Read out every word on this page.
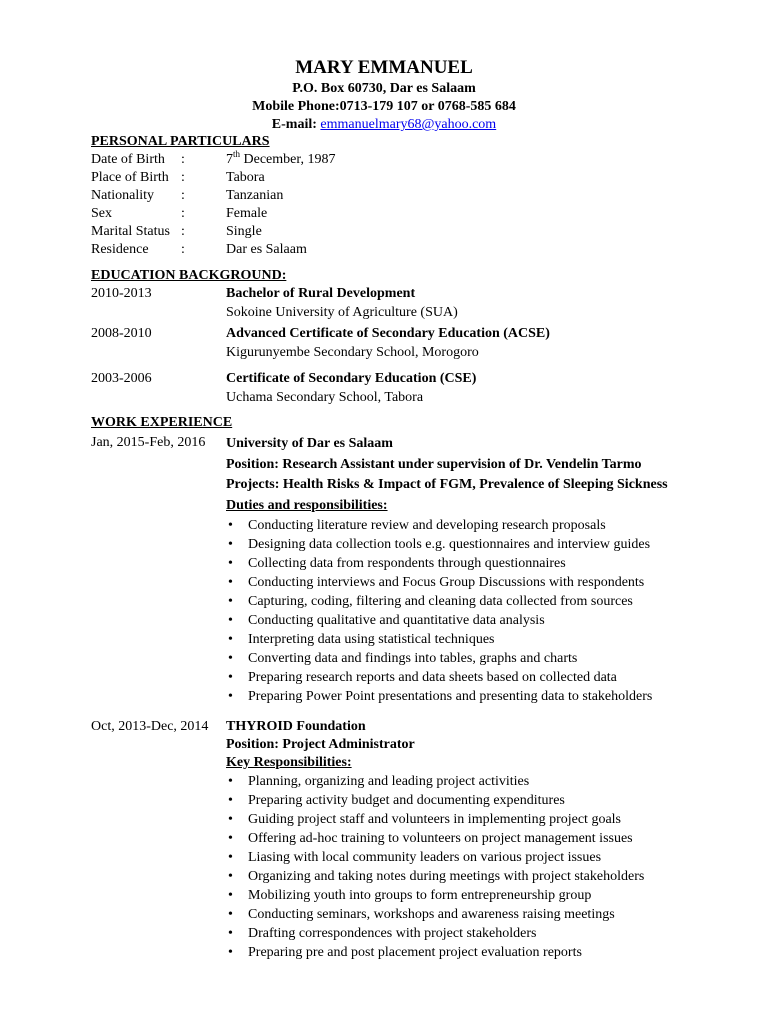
MARY EMMANUEL
P.O. Box 60730, Dar es Salaam
Mobile Phone:0713-179 107 or 0768-585 684
E-mail: emmanuelmary68@yahoo.com
PERSONAL PARTICULARS
Date of Birth :	7th December, 1987
Place of Birth :	Tabora
Nationality :	Tanzanian
Sex	:	Female
Marital Status :	Single
Residence :	Dar es Salaam
EDUCATION BACKGROUND:
2010-2013	Bachelor of Rural Development
Sokoine University of Agriculture (SUA)
2008-2010	Advanced Certificate of Secondary Education (ACSE)
Kigurunyembe Secondary School, Morogoro
2003-2006	Certificate of Secondary Education (CSE)
Uchama Secondary School, Tabora
WORK EXPERIENCE
Jan, 2015-Feb, 2016 University of Dar es Salaam
Position: Research Assistant under supervision of Dr. Vendelin Tarmo
Projects: Health Risks & Impact of FGM, Prevalence of Sleeping Sickness
Duties and responsibilities:
• Conducting literature review and developing research proposals
• Designing data collection tools e.g. questionnaires and interview guides
• Collecting data from respondents through questionnaires
• Conducting interviews and Focus Group Discussions with respondents
• Capturing, coding, filtering and cleaning data collected from sources
• Conducting qualitative and quantitative data analysis
• Interpreting data using statistical techniques
• Converting data and findings into tables, graphs and charts
• Preparing research reports and data sheets based on collected data
• Preparing Power Point presentations and presenting data to stakeholders
Oct, 2013-Dec, 2014 THYROID Foundation
Position: Project Administrator
Key Responsibilities:
• Planning, organizing and leading project activities
• Preparing activity budget and documenting expenditures
• Guiding project staff and volunteers in implementing project goals
• Offering ad-hoc training to volunteers on project management issues
• Liasing with local community leaders on various project issues
• Organizing and taking notes during meetings with project stakeholders
• Mobilizing youth into groups to form entrepreneurship group
• Conducting seminars, workshops and awareness raising meetings
• Drafting correspondences with project stakeholders
• Preparing pre and post placement project evaluation reports
